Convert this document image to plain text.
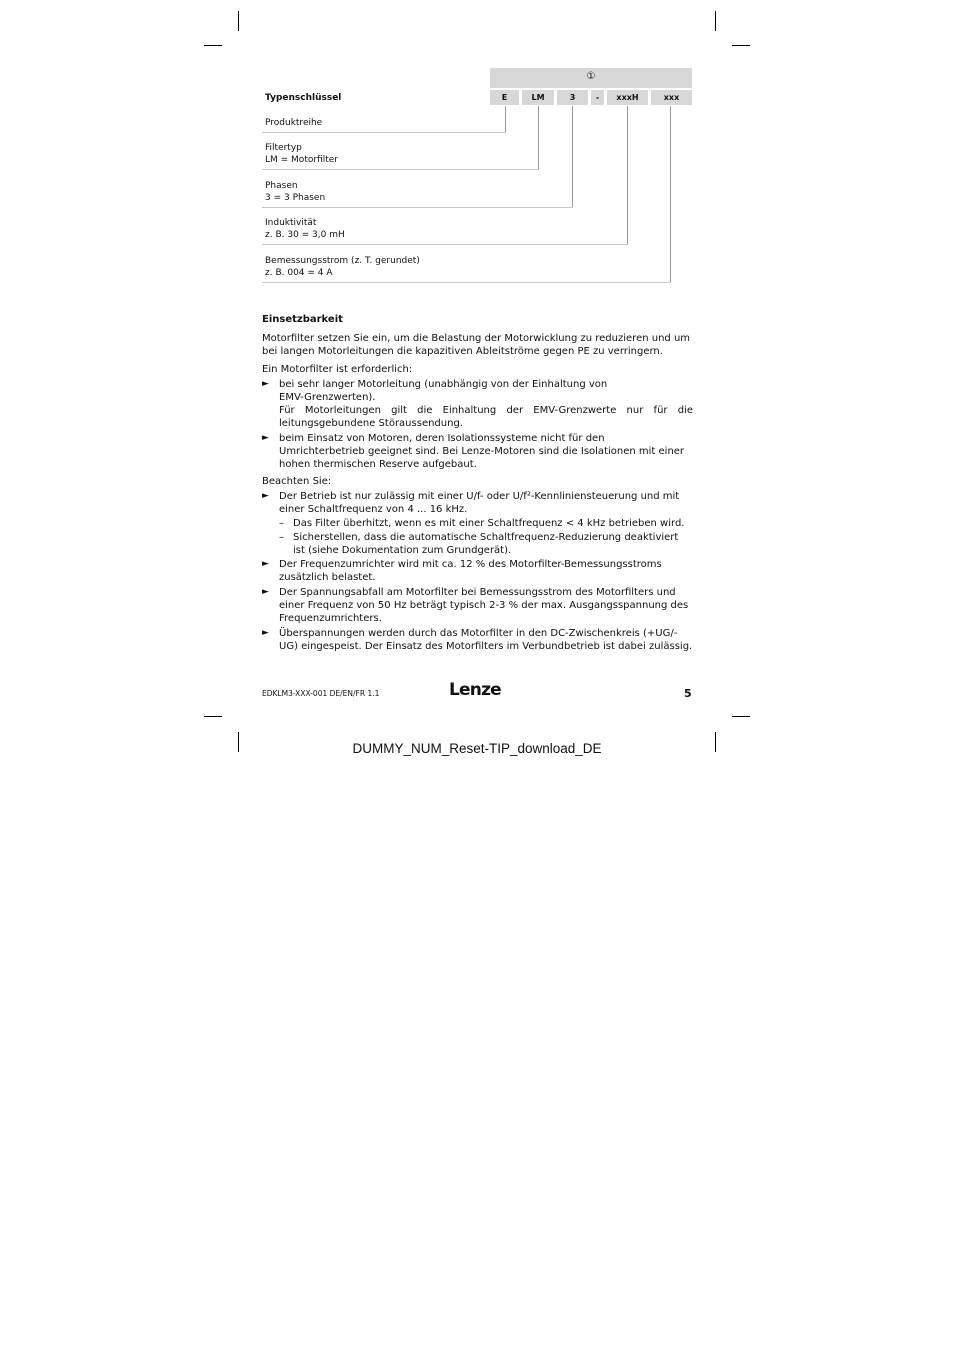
①
Typenschlüssel	E	LM	3	-	xxxH	xxx
Produktreihe
Filtertyp
LM = Motorfilter
Phasen
3 = 3 Phasen
Induktivität
z. B. 30 = 3,0 mH
Bemessungsstrom (z. T. gerundet)
z. B. 004 = 4 A
Einsetzbarkeit
Motorfilter setzen Sie ein, um die Belastung der Motorwicklung zu reduzieren und um bei langen Motorleitungen die kapazitiven Ableitströme gegen PE zu verringern.
Ein Motorfilter ist erforderlich:
► bei sehr langer Motorleitung (unabhängig von der Einhaltung von EMV-Grenzwerten).
Für Motorleitungen gilt die Einhaltung der EMV-Grenzwerte nur für die leitungsgebundene Störaussendung.
► beim Einsatz von Motoren, deren Isolationssysteme nicht für den Umrichterbetrieb geeignet sind. Bei Lenze-Motoren sind die Isolationen mit einer hohen thermischen Reserve aufgebaut.
Beachten Sie:
► Der Betrieb ist nur zulässig mit einer U/f- oder U/f²-Kennliniensteuerung und mit einer Schaltfrequenz von 4 ... 16 kHz.
– Das Filter überhitzt, wenn es mit einer Schaltfrequenz < 4 kHz betrieben wird.
– Sicherstellen, dass die automatische Schaltfrequenz-Reduzierung deaktiviert ist (siehe Dokumentation zum Grundgerät).
► Der Frequenzumrichter wird mit ca. 12 % des Motorfilter-Bemessungsstroms zusätzlich belastet.
► Der Spannungsabfall am Motorfilter bei Bemessungsstrom des Motorfilters und einer Frequenz von 50 Hz beträgt typisch 2-3 % der max. Ausgangsspannung des Frequenzumrichters.
► Überspannungen werden durch das Motorfilter in den DC-Zwischenkreis (+UG/-UG) eingespeist. Der Einsatz des Motorfilters im Verbundbetrieb ist dabei zulässig.
EDKLM3-XXX-001 DE/EN/FR 1.1	Lenze	5
DUMMY_NUM_Reset-TIP_download_DE
